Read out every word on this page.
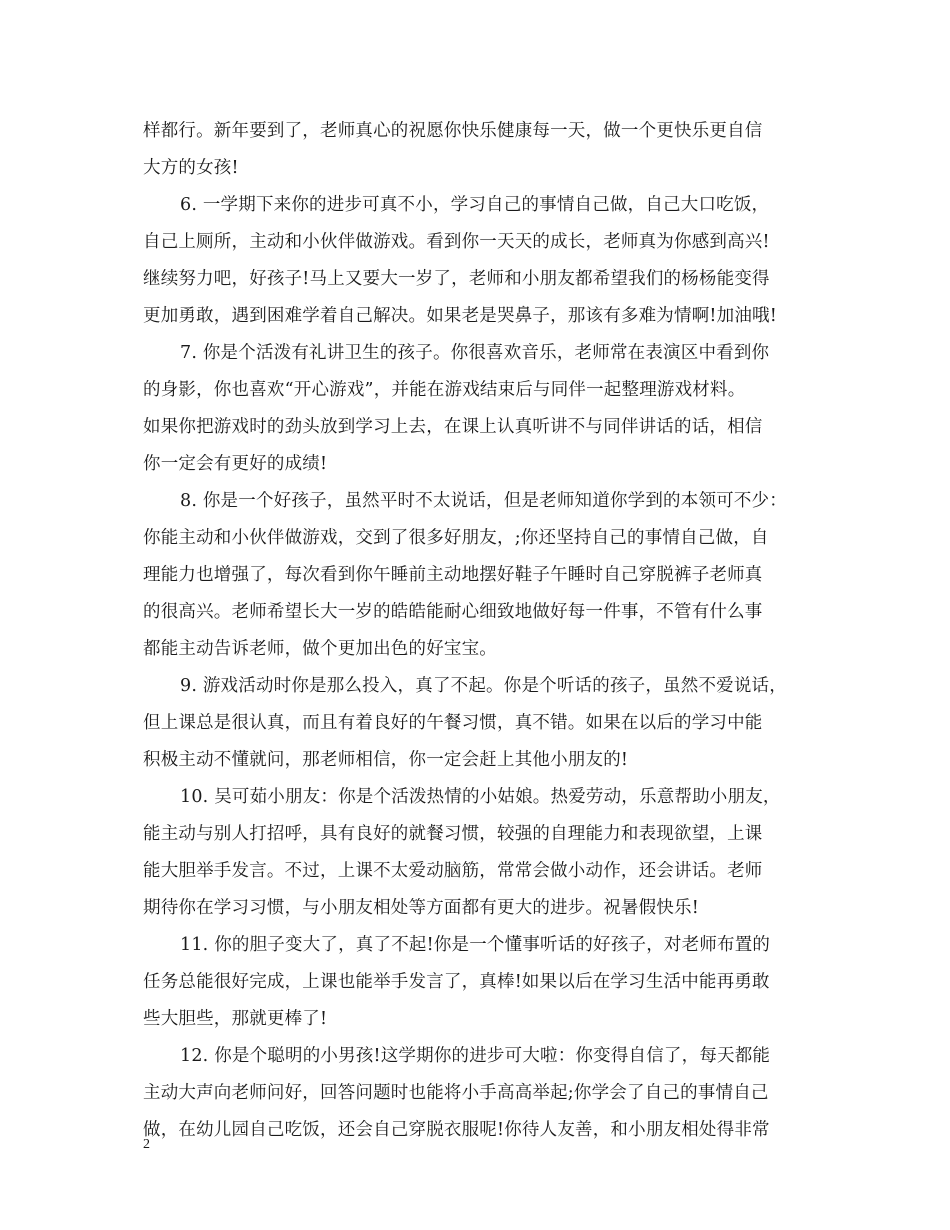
样都行。新年要到了，老师真心的祝愿你快乐健康每一天，做一个更快乐更自信
大方的女孩!
6. 一学期下来你的进步可真不小，学习自己的事情自己做，自己大口吃饭，
自己上厕所，主动和小伙伴做游戏。看到你一天天的成长，老师真为你感到高兴!
继续努力吧，好孩子!马上又要大一岁了，老师和小朋友都希望我们的杨杨能变得
更加勇敢，遇到困难学着自己解决。如果老是哭鼻子，那该有多难为情啊!加油哦!
7. 你是个活泼有礼讲卫生的孩子。你很喜欢音乐，老师常在表演区中看到你
的身影，你也喜欢“开心游戏”，并能在游戏结束后与同伴一起整理游戏材料。
如果你把游戏时的劲头放到学习上去，在课上认真听讲不与同伴讲话的话，相信
你一定会有更好的成绩!
8. 你是一个好孩子，虽然平时不太说话，但是老师知道你学到的本领可不少：
你能主动和小伙伴做游戏，交到了很多好朋友，;你还坚持自己的事情自己做，自
理能力也增强了，每次看到你午睡前主动地摆好鞋子午睡时自己穿脱裤子老师真
的很高兴。老师希望长大一岁的皓皓能耐心细致地做好每一件事，不管有什么事
都能主动告诉老师，做个更加出色的好宝宝。
9. 游戏活动时你是那么投入，真了不起。你是个听话的孩子，虽然不爱说话，
但上课总是很认真，而且有着良好的午餐习惯，真不错。如果在以后的学习中能
积极主动不懂就问，那老师相信，你一定会赶上其他小朋友的!
10. 吴可茹小朋友：你是个活泼热情的小姑娘。热爱劳动，乐意帮助小朋友，
能主动与别人打招呼，具有良好的就餐习惯，较强的自理能力和表现欲望，上课
能大胆举手发言。不过，上课不太爱动脑筋，常常会做小动作，还会讲话。老师
期待你在学习习惯，与小朋友相处等方面都有更大的进步。祝暑假快乐!
11. 你的胆子变大了，真了不起!你是一个懂事听话的好孩子，对老师布置的
任务总能很好完成，上课也能举手发言了，真棒!如果以后在学习生活中能再勇敢
些大胆些，那就更棒了!
12. 你是个聪明的小男孩!这学期你的进步可大啦：你变得自信了，每天都能
主动大声向老师问好，回答问题时也能将小手高高举起;你学会了自己的事情自己
做，在幼儿园自己吃饭，还会自己穿脱衣服呢!你待人友善，和小朋友相处得非常
2
